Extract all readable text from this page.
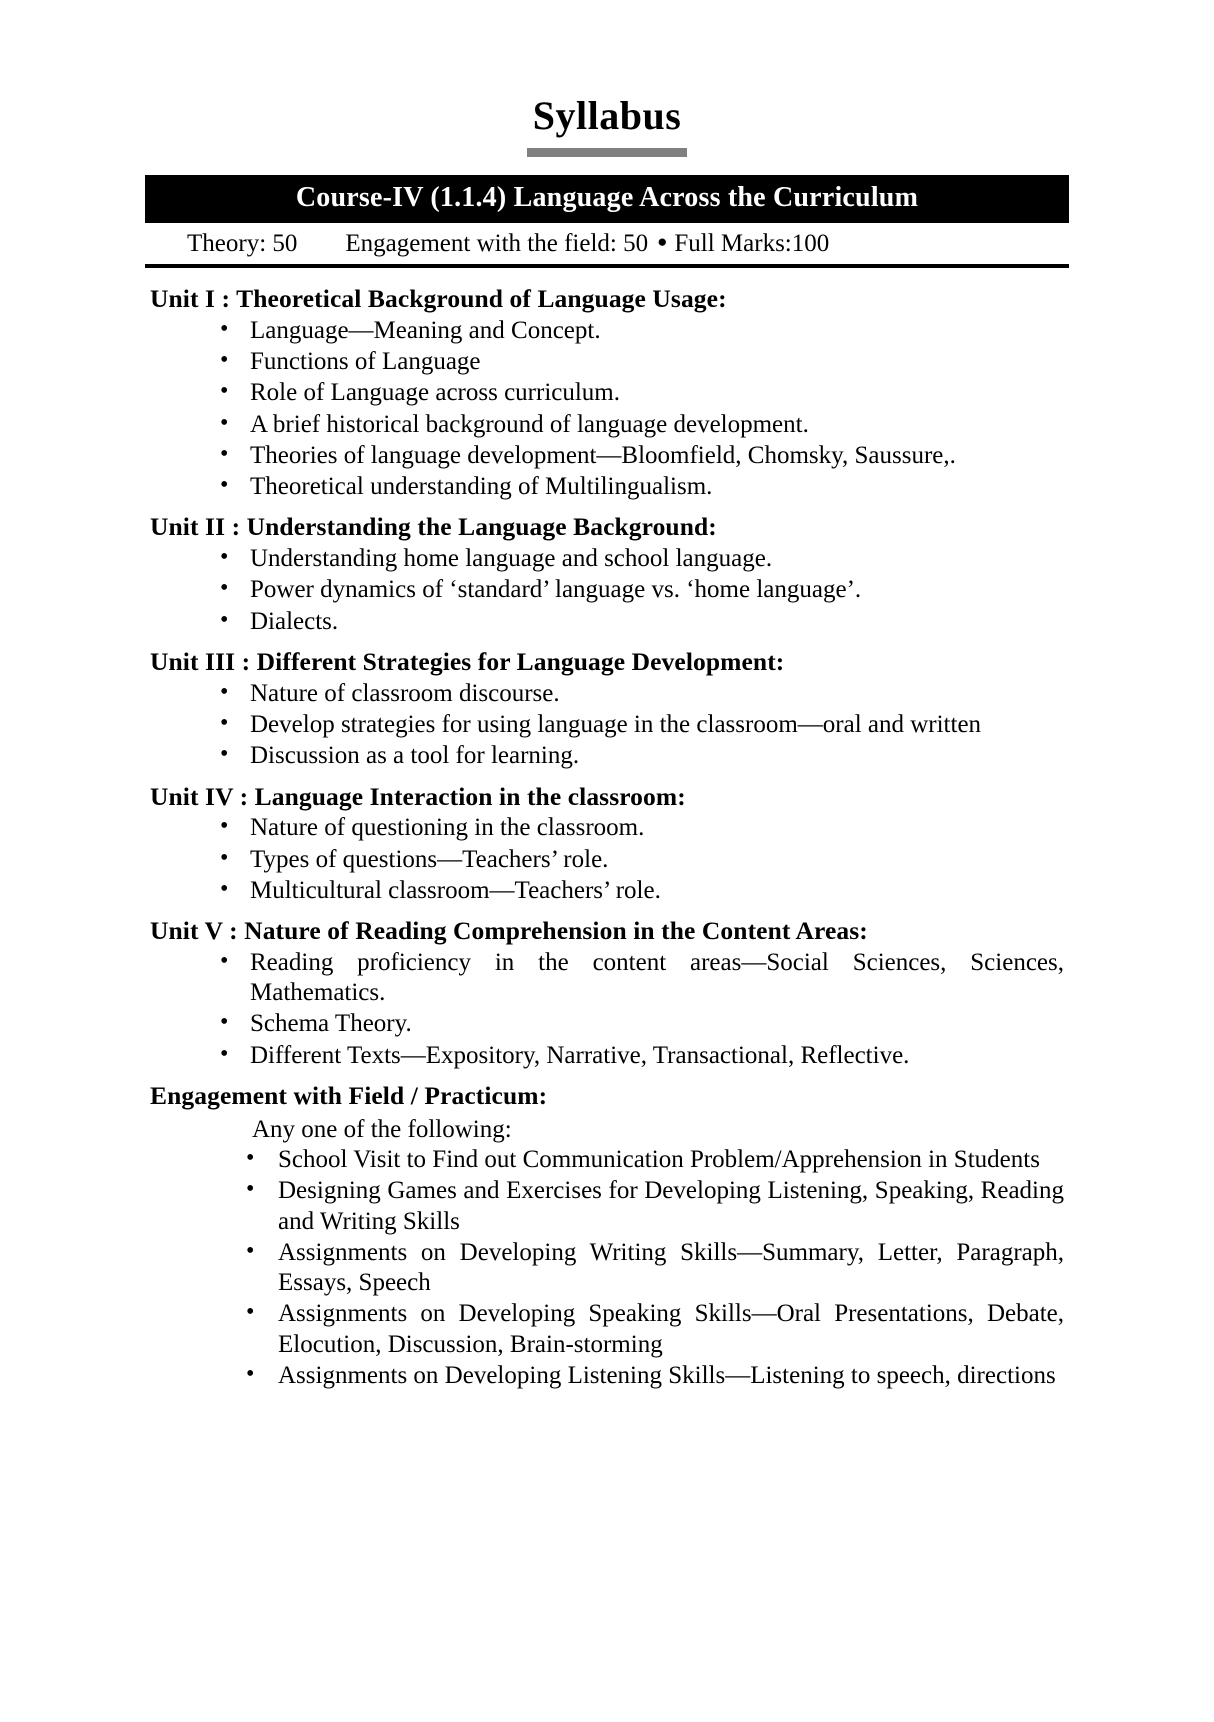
Syllabus
Course-IV (1.1.4) Language Across the Curriculum
Theory: 50 Engagement with the field: 50 ● Full Marks:100

Unit I : Theoretical Background of Language Usage:

• Language—Meaning and Concept.
• Functions of Language
• Role of Language across curriculum.
• A brief historical background of language development.
• Theories of language development—Bloomfield, Chomsky, Saussure,.
• Theoretical understanding of Multilingualism.

Unit II : Understanding the Language Background:

• Understanding home language and school language.
• Power dynamics of ‘standard’ language vs. ‘home language’.
• Dialects.

Unit III : Different Strategies for Language Development:

• Nature of classroom discourse.
• Develop strategies for using language in the classroom—oral and written
• Discussion as a tool for learning.

Unit IV : Language Interaction in the classroom:

• Nature of questioning in the classroom.
• Types of questions—Teachers’ role.
• Multicultural classroom—Teachers’ role.

Unit V : Nature of Reading Comprehension in the Content Areas:

• Reading proficiency in the content areas—Social Sciences, Sciences, Mathematics.
• Schema Theory.
• Different Texts—Expository, Narrative, Transactional, Reflective.

Engagement with Field / Practicum:

Any one of the following:

• School Visit to Find out Communication Problem/Apprehension in Students
• Designing Games and Exercises for Developing Listening, Speaking, Reading and Writing Skills
• Assignments on Developing Writing Skills—Summary, Letter, Paragraph, Essays, Speech
• Assignments on Developing Speaking Skills—Oral Presentations, Debate, Elocution, Discussion, Brain-storming
• Assignments on Developing Listening Skills—Listening to speech, directions
